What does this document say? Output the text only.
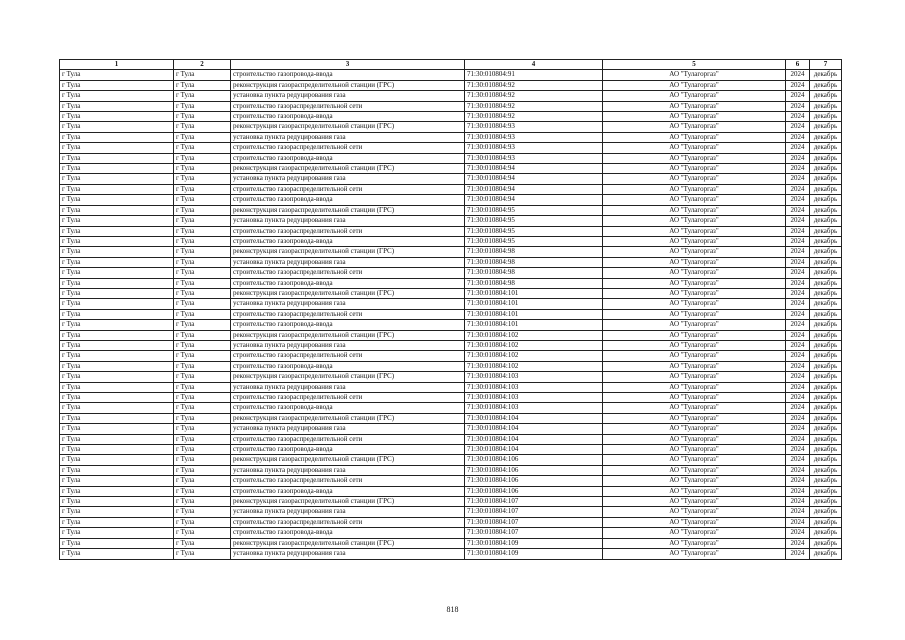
1	2	3	4	5	6	7
г Тула	г Тула	строительство газопровода-ввода	71:30:010804:91	АО "Тулагоргаз"	2024	декабрь
г Тула	г Тула	реконструкция газораспределительной станции (ГРС)	71:30:010804:92	АО "Тулагоргаз"	2024	декабрь
г Тула	г Тула	установка пункта редуцирования газа	71:30:010804:92	АО "Тулагоргаз"	2024	декабрь
г Тула	г Тула	строительство газораспределительной сети	71:30:010804:92	АО "Тулагоргаз"	2024	декабрь
г Тула	г Тула	строительство газопровода-ввода	71:30:010804:92	АО "Тулагоргаз"	2024	декабрь
г Тула	г Тула	реконструкция газораспределительной станции (ГРС)	71:30:010804:93	АО "Тулагоргаз"	2024	декабрь
г Тула	г Тула	установка пункта редуцирования газа	71:30:010804:93	АО "Тулагоргаз"	2024	декабрь
г Тула	г Тула	строительство газораспределительной сети	71:30:010804:93	АО "Тулагоргаз"	2024	декабрь
г Тула	г Тула	строительство газопровода-ввода	71:30:010804:93	АО "Тулагоргаз"	2024	декабрь
г Тула	г Тула	реконструкция газораспределительной станции (ГРС)	71:30:010804:94	АО "Тулагоргаз"	2024	декабрь
г Тула	г Тула	установка пункта редуцирования газа	71:30:010804:94	АО "Тулагоргаз"	2024	декабрь
г Тула	г Тула	строительство газораспределительной сети	71:30:010804:94	АО "Тулагоргаз"	2024	декабрь
г Тула	г Тула	строительство газопровода-ввода	71:30:010804:94	АО "Тулагоргаз"	2024	декабрь
г Тула	г Тула	реконструкция газораспределительной станции (ГРС)	71:30:010804:95	АО "Тулагоргаз"	2024	декабрь
г Тула	г Тула	установка пункта редуцирования газа	71:30:010804:95	АО "Тулагоргаз"	2024	декабрь
г Тула	г Тула	строительство газораспределительной сети	71:30:010804:95	АО "Тулагоргаз"	2024	декабрь
г Тула	г Тула	строительство газопровода-ввода	71:30:010804:95	АО "Тулагоргаз"	2024	декабрь
г Тула	г Тула	реконструкция газораспределительной станции (ГРС)	71:30:010804:98	АО "Тулагоргаз"	2024	декабрь
г Тула	г Тула	установка пункта редуцирования газа	71:30:010804:98	АО "Тулагоргаз"	2024	декабрь
г Тула	г Тула	строительство газораспределительной сети	71:30:010804:98	АО "Тулагоргаз"	2024	декабрь
г Тула	г Тула	строительство газопровода-ввода	71:30:010804:98	АО "Тулагоргаз"	2024	декабрь
г Тула	г Тула	реконструкция газораспределительной станции (ГРС)	71:30:010804:101	АО "Тулагоргаз"	2024	декабрь
г Тула	г Тула	установка пункта редуцирования газа	71:30:010804:101	АО "Тулагоргаз"	2024	декабрь
г Тула	г Тула	строительство газораспределительной сети	71:30:010804:101	АО "Тулагоргаз"	2024	декабрь
г Тула	г Тула	строительство газопровода-ввода	71:30:010804:101	АО "Тулагоргаз"	2024	декабрь
г Тула	г Тула	реконструкция газораспределительной станции (ГРС)	71:30:010804:102	АО "Тулагоргаз"	2024	декабрь
г Тула	г Тула	установка пункта редуцирования газа	71:30:010804:102	АО "Тулагоргаз"	2024	декабрь
г Тула	г Тула	строительство газораспределительной сети	71:30:010804:102	АО "Тулагоргаз"	2024	декабрь
г Тула	г Тула	строительство газопровода-ввода	71:30:010804:102	АО "Тулагоргаз"	2024	декабрь
г Тула	г Тула	реконструкция газораспределительной станции (ГРС)	71:30:010804:103	АО "Тулагоргаз"	2024	декабрь
г Тула	г Тула	установка пункта редуцирования газа	71:30:010804:103	АО "Тулагоргаз"	2024	декабрь
г Тула	г Тула	строительство газораспределительной сети	71:30:010804:103	АО "Тулагоргаз"	2024	декабрь
г Тула	г Тула	строительство газопровода-ввода	71:30:010804:103	АО "Тулагоргаз"	2024	декабрь
г Тула	г Тула	реконструкция газораспределительной станции (ГРС)	71:30:010804:104	АО "Тулагоргаз"	2024	декабрь
г Тула	г Тула	установка пункта редуцирования газа	71:30:010804:104	АО "Тулагоргаз"	2024	декабрь
г Тула	г Тула	строительство газораспределительной сети	71:30:010804:104	АО "Тулагоргаз"	2024	декабрь
г Тула	г Тула	строительство газопровода-ввода	71:30:010804:104	АО "Тулагоргаз"	2024	декабрь
г Тула	г Тула	реконструкция газораспределительной станции (ГРС)	71:30:010804:106	АО "Тулагоргаз"	2024	декабрь
г Тула	г Тула	установка пункта редуцирования газа	71:30:010804:106	АО "Тулагоргаз"	2024	декабрь
г Тула	г Тула	строительство газораспределительной сети	71:30:010804:106	АО "Тулагоргаз"	2024	декабрь
г Тула	г Тула	строительство газопровода-ввода	71:30:010804:106	АО "Тулагоргаз"	2024	декабрь
г Тула	г Тула	реконструкция газораспределительной станции (ГРС)	71:30:010804:107	АО "Тулагоргаз"	2024	декабрь
г Тула	г Тула	установка пункта редуцирования газа	71:30:010804:107	АО "Тулагоргаз"	2024	декабрь
г Тула	г Тула	строительство газораспределительной сети	71:30:010804:107	АО "Тулагоргаз"	2024	декабрь
г Тула	г Тула	строительство газопровода-ввода	71:30:010804:107	АО "Тулагоргаз"	2024	декабрь
г Тула	г Тула	реконструкция газораспределительной станции (ГРС)	71:30:010804:109	АО "Тулагоргаз"	2024	декабрь
г Тула	г Тула	установка пункта редуцирования газа	71:30:010804:109	АО "Тулагоргаз"	2024	декабрь
818
